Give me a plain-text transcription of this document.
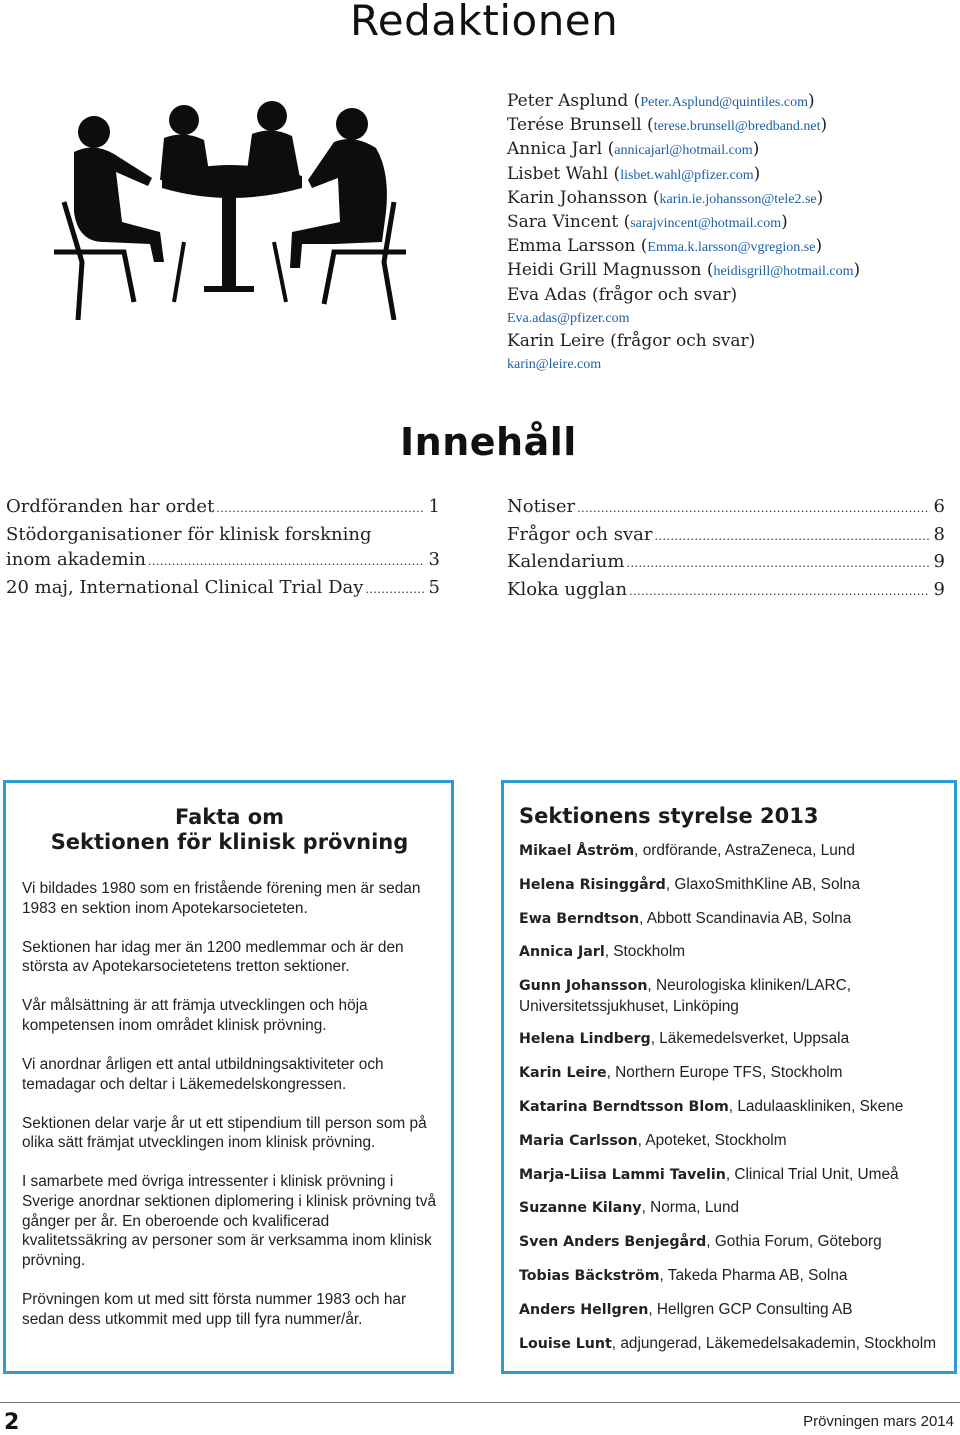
Redaktionen
Peter Asplund (Peter.Asplund@quintiles.com)
Terése Brunsell (terese.brunsell@bredband.net)
Annica Jarl (annicajarl@hotmail.com)
Lisbet Wahl (lisbet.wahl@pfizer.com)
Karin Johansson (karin.ie.johansson@tele2.se)
Sara Vincent (sarajvincent@hotmail.com)
Emma Larsson (Emma.k.larsson@vgregion.se)
Heidi Grill Magnusson (heidisgrill@hotmail.com)
Eva Adas (frågor och svar)
Eva.adas@pfizer.com
Karin Leire (frågor och svar)
karin@leire.com
Innehåll
Ordföranden har ordet .....	1
Stödorganisationer för klinisk forskning
inom akademin .....	3
20 maj, International Clinical Trial Day .....	5
Notiser .....	6
Frågor och svar .....	8
Kalendarium .....	9
Kloka ugglan .....	9
Fakta om
Sektionen för klinisk prövning

Vi bildades 1980 som en fristående förening men är sedan 1983 en sektion inom Apotekarsocieteten.

Sektionen har idag mer än 1200 medlemmar och är den största av Apotekarsocietetens tretton sektioner.

Vår målsättning är att främja utvecklingen och höja kompetensen inom området klinisk prövning.

Vi anordnar årligen ett antal utbildningsaktiviteter och temadagar och deltar i Läkemedelskongressen.

Sektionen delar varje år ut ett stipendium till person som på olika sätt främjat utvecklingen inom klinisk prövning.

I samarbete med övriga intressenter i klinisk prövning i Sverige anordnar sektionen diplomering i klinisk prövning två gånger per år. En oberoende och kvalificerad kvalitetssäkring av personer som är verksamma inom klinisk prövning.

Prövningen kom ut med sitt första nummer 1983 och har sedan dess utkommit med upp till fyra nummer/år.

Sektionens styrelse 2013
Mikael Åström, ordförande, AstraZeneca, Lund
Helena Risinggård, GlaxoSmithKline AB, Solna
Ewa Berndtson, Abbott Scandinavia AB, Solna
Annica Jarl, Stockholm
Gunn Johansson, Neurologiska kliniken/LARC, Universitetssjukhuset, Linköping
Helena Lindberg, Läkemedelsverket, Uppsala
Karin Leire, Northern Europe TFS, Stockholm
Katarina Berndtsson Blom, Ladulaaskliniken, Skene
Maria Carlsson, Apoteket, Stockholm
Marja-Liisa Lammi Tavelin, Clinical Trial Unit, Umeå
Suzanne Kilany, Norma, Lund
Sven Anders Benjegård, Gothia Forum, Göteborg
Tobias Bäckström, Takeda Pharma AB, Solna
Anders Hellgren, Hellgren GCP Consulting AB
Louise Lunt, adjungerad, Läkemedelsakademin, Stockholm
2	Prövningen mars 2014
